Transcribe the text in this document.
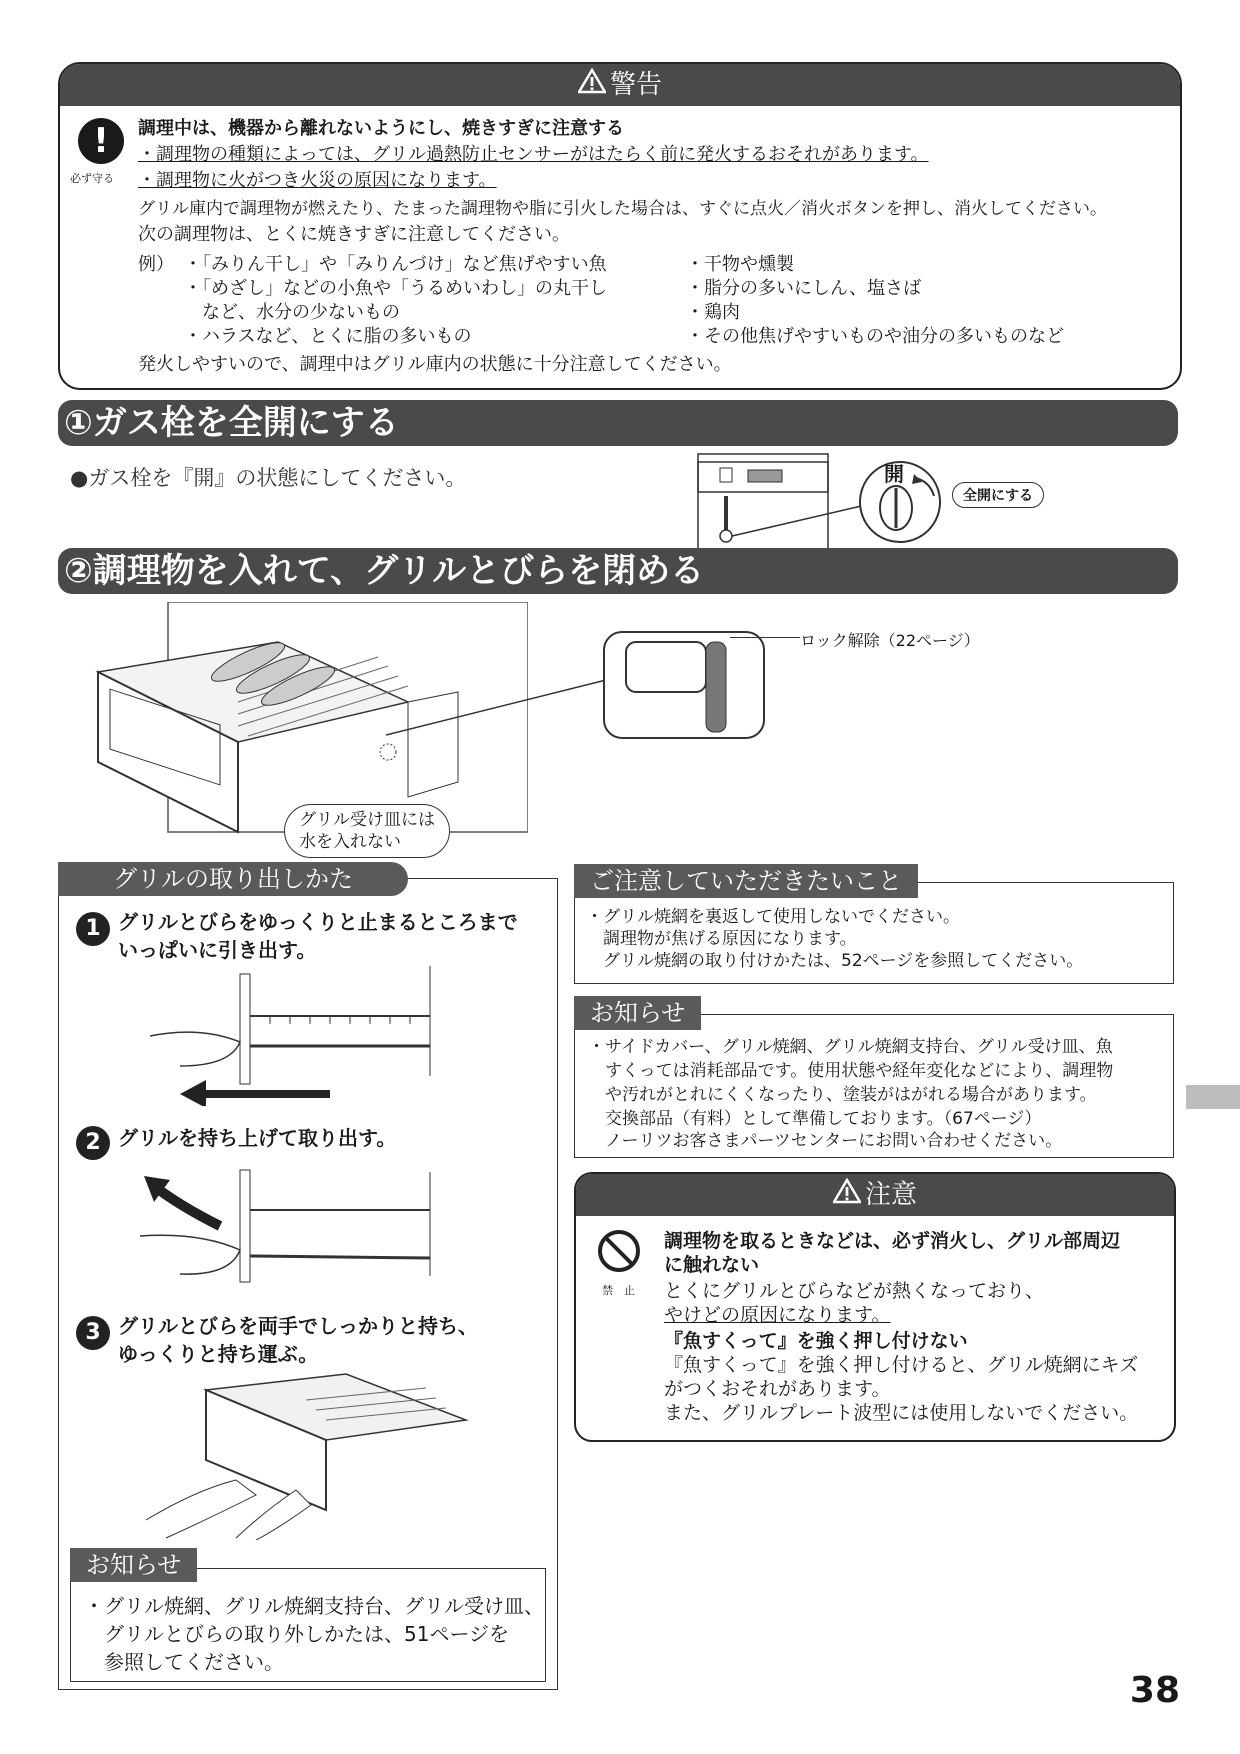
警告
!
必ず守る
調理中は、機器から離れないようにし、焼きすぎに注意する
・調理物の種類によっては、グリル過熱防止センサーがはたらく前に発火するおそれがあります。
・調理物に火がつき火災の原因になります。
グリル庫内で調理物が燃えたり、たまった調理物や脂に引火した場合は、すぐに点火／消火ボタンを押し、消火してください。
次の調理物は、とくに焼きすぎに注意してください。
例） ・「みりん干し」や「みりんづけ」など焦げやすい魚
・「めざし」などの小魚や「うるめいわし」の丸干し
　など、水分の少ないもの
・ハラスなど、とくに脂の多いもの
・干物や燻製
・脂分の多いにしん、塩さば
・鶏肉
・その他焦げやすいものや油分の多いものなど
発火しやすいので、調理中はグリル庫内の状態に十分注意してください。
①ガス栓を全開にする
●ガス栓を『開』の状態にしてください。	開
全開にする
②調理物を入れて、グリルとびらを閉める
グリル受け皿には
水を入れない
ロック解除（22ページ）
グリルの取り出しかた
1 グリルとびらをゆっくりと止まるところまで
いっぱいに引き出す。
2 グリルを持ち上げて取り出す。
3 グリルとびらを両手でしっかりと持ち、
ゆっくりと持ち運ぶ。
お知らせ
・グリル焼網、グリル焼網支持台、グリル受け皿、
　グリルとびらの取り外しかたは、51ページを
　参照してください。
ご注意していただきたいこと
・グリル焼網を裏返して使用しないでください。
　調理物が焦げる原因になります。
　グリル焼網の取り付けかたは、52ページを参照してください。
お知らせ
・サイドカバー、グリル焼網、グリル焼網支持台、グリル受け皿、魚
　すくっては消耗部品です。使用状態や経年変化などにより、調理物
　や汚れがとれにくくなったり、塗装がはがれる場合があります。
　交換部品（有料）として準備しております。（67ページ）
　ノーリツお客さまパーツセンターにお問い合わせください。
注意
禁　止
調理物を取るときなどは、必ず消火し、グリル部周辺
に触れない
とくにグリルとびらなどが熱くなっており、
やけどの原因になります。
『魚すくって』を強く押し付けない
『魚すくって』を強く押し付けると、グリル焼網にキズ
がつくおそれがあります。
また、グリルプレート波型には使用しないでください。
38
